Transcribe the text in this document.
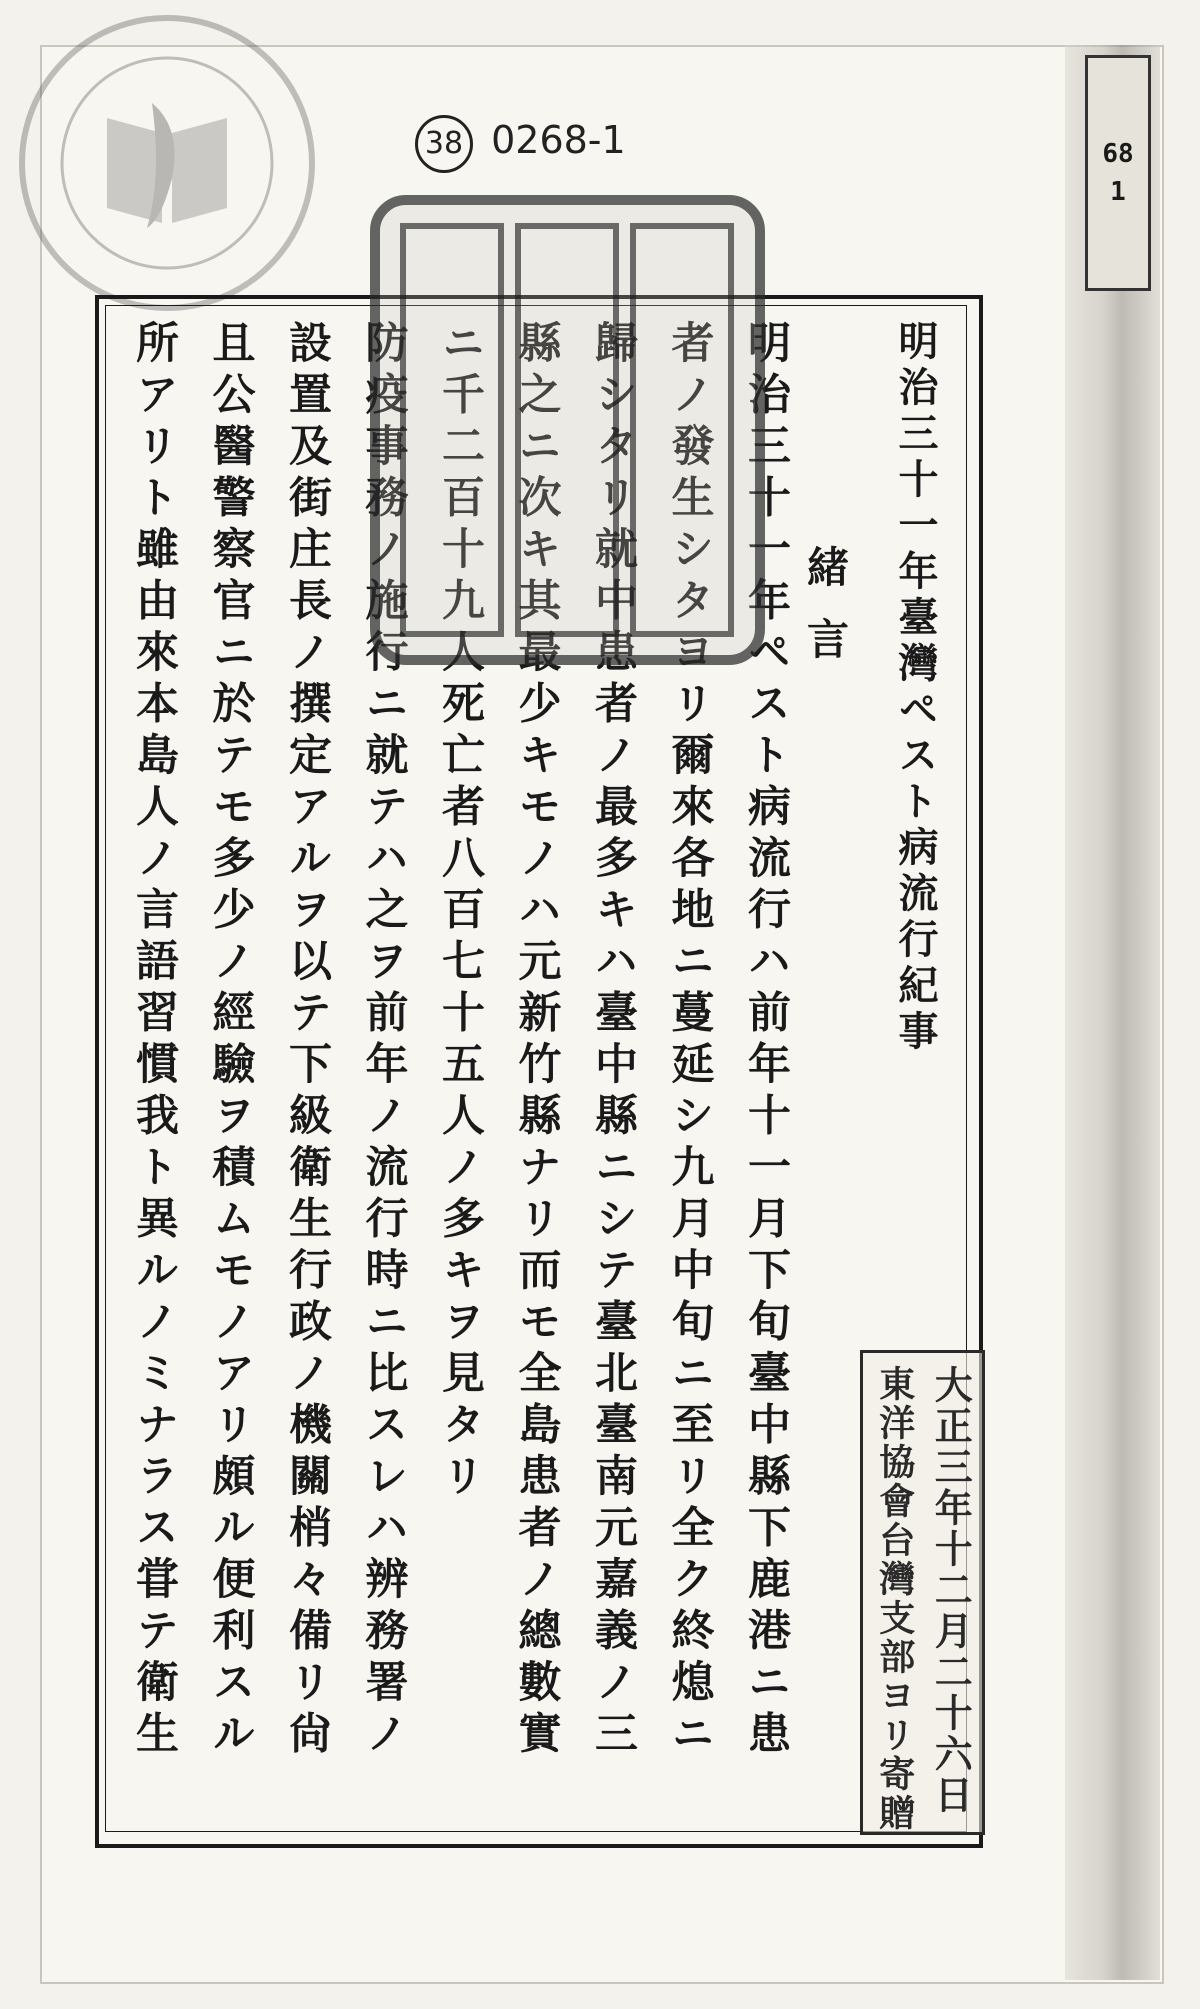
68
1
38 0268-1
明治三十一年臺灣ペスト病流行紀事
緒言
明治三十一年ペスト病流行ハ前年十一月下旬臺中縣下鹿港ニ患
者ノ發生シタヨリ爾來各地ニ蔓延シ九月中旬ニ至リ全ク終熄ニ
歸シタリ就中患者ノ最多キハ臺中縣ニシテ臺北臺南元嘉義ノ三
縣之ニ次キ其最少キモノハ元新竹縣ナリ而モ全島患者ノ總數實
ニ千二百十九人死亡者八百七十五人ノ多キヲ見タリ
防疫事務ノ施行ニ就テハ之ヲ前年ノ流行時ニ比スレハ辨務署ノ
設置及街庄長ノ撰定アルヲ以テ下級衛生行政ノ機關梢々備リ尙
且公醫警察官ニ於テモ多少ノ經驗ヲ積ムモノアリ頗ル便利スル
所アリト雖由來本島人ノ言語習慣我ト異ルノミナラス甞テ衛生	大正三年十二月二十六日
東洋協會台灣支部ヨリ寄贈
